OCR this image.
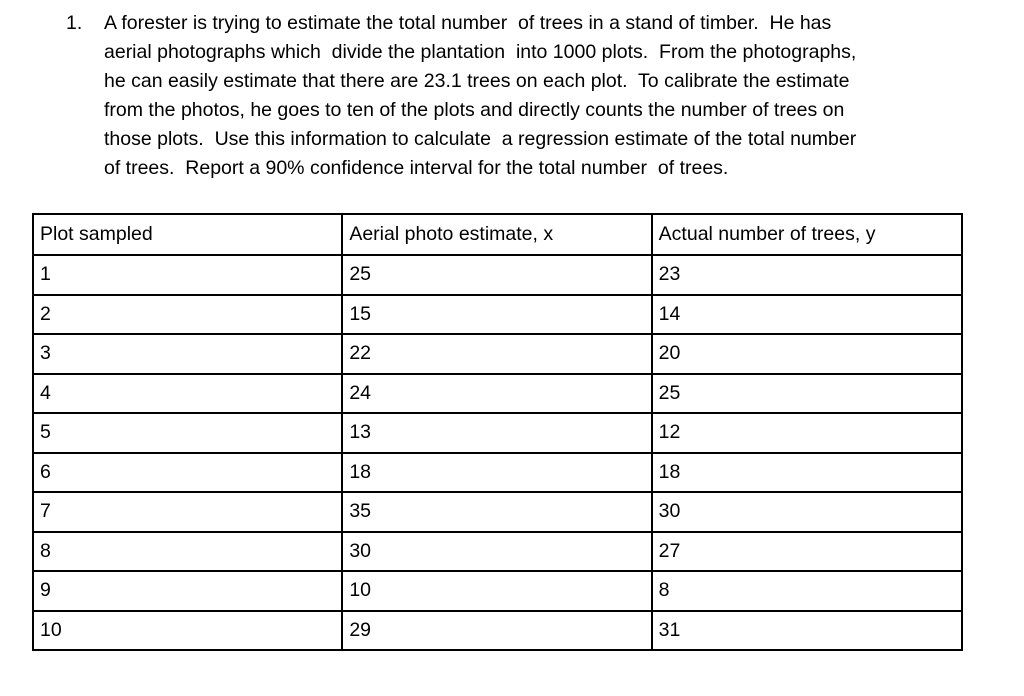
1.	A forester is trying to estimate the total number  of trees in a stand of timber.  He has
aerial photographs which  divide the plantation  into 1000 plots.  From the photographs,
he can easily estimate that there are 23.1 trees on each plot.  To calibrate the estimate
from the photos, he goes to ten of the plots and directly counts the number of trees on
those plots.  Use this information to calculate  a regression estimate of the total number
of trees.  Report a 90% confidence interval for the total number  of trees.
Plot sampled	Aerial photo estimate, x	Actual number of trees, y
1	25	23
2	15	14
3	22	20
4	24	25
5	13	12
6	18	18
7	35	30
8	30	27
9	10	8
10	29	31
